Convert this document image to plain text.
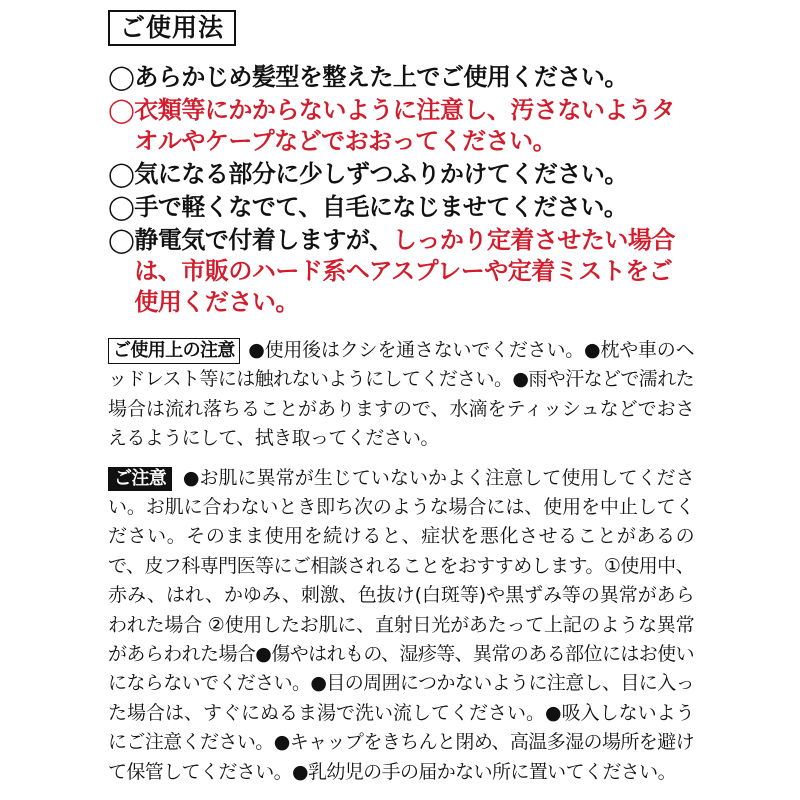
ご使用法
◯あらかじめ髪型を整えた上でご使用ください。
◯ 衣類等にかからないように注意し、汚さないようタオルやケープなどでおおってください。
◯気になる部分に少しずつふりかけてください。
◯手で軽くなでて、自毛になじませてください。
◯ 静電気で付着しますが、しっかり定着させたい場合は、市販のハード系ヘアスプレーや定着ミストをご使用ください。
ご使用上の注意 ●使用後はクシを通さないでください。●枕や車のヘッドレスト等には触れないようにしてください。●雨や汗などで濡れた場合は流れ落ちることがありますので、水滴をティッシュなどでおさえるようにして、拭き取ってください。
ご注意 ●お肌に異常が生じていないかよく注意して使用してください。お肌に合わないとき即ち次のような場合には、使用を中止してください。そのまま使用を続けると、症状を悪化させることがあるので、皮フ科専門医等にご相談されることをおすすめします。①使用中、赤み、はれ、かゆみ、刺激、色抜け(白斑等)や黒ずみ等の異常があらわれた場合 ②使用したお肌に、直射日光があたって上記のような異常があらわれた場合●傷やはれもの、湿疹等、異常のある部位にはお使いにならないでください。●目の周囲につかないように注意し、目に入った場合は、すぐにぬるま湯で洗い流してください。●吸入しないようにご注意ください。●キャップをきちんと閉め、高温多湿の場所を避けて保管してください。●乳幼児の手の届かない所に置いてください。
